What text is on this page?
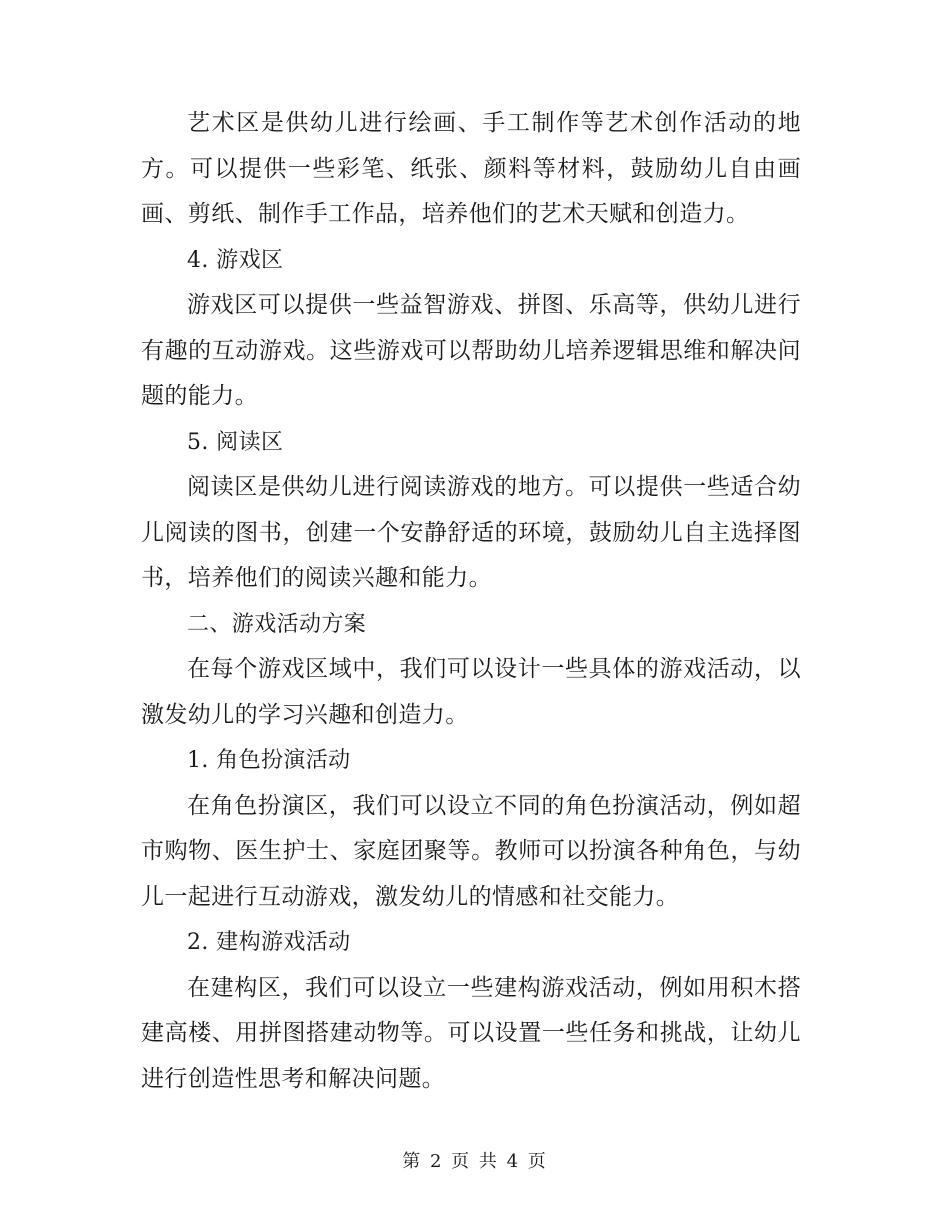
艺术区是供幼儿进行绘画、手工制作等艺术创作活动的地方。可以提供一些彩笔、纸张、颜料等材料，鼓励幼儿自由画画、剪纸、制作手工作品，培养他们的艺术天赋和创造力。

4. 游戏区

游戏区可以提供一些益智游戏、拼图、乐高等，供幼儿进行有趣的互动游戏。这些游戏可以帮助幼儿培养逻辑思维和解决问题的能力。

5. 阅读区

阅读区是供幼儿进行阅读游戏的地方。可以提供一些适合幼儿阅读的图书，创建一个安静舒适的环境，鼓励幼儿自主选择图书，培养他们的阅读兴趣和能力。

二、游戏活动方案

在每个游戏区域中，我们可以设计一些具体的游戏活动，以激发幼儿的学习兴趣和创造力。

1. 角色扮演活动

在角色扮演区，我们可以设立不同的角色扮演活动，例如超市购物、医生护士、家庭团聚等。教师可以扮演各种角色，与幼儿一起进行互动游戏，激发幼儿的情感和社交能力。

2. 建构游戏活动

在建构区，我们可以设立一些建构游戏活动，例如用积木搭建高楼、用拼图搭建动物等。可以设置一些任务和挑战，让幼儿进行创造性思考和解决问题。

第 2 页 共 4 页
